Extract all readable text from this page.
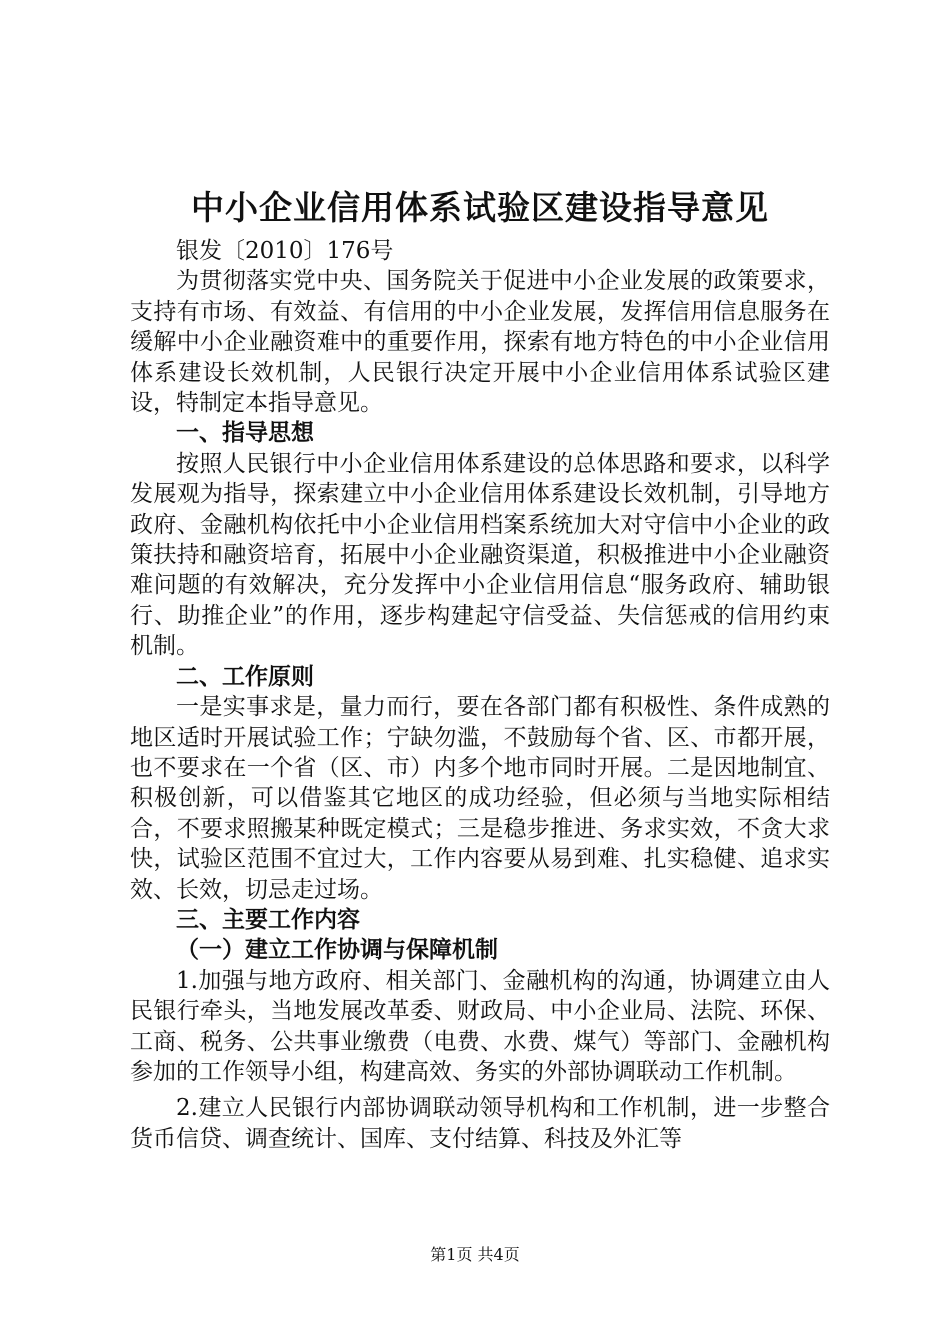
中小企业信用体系试验区建设指导意见

银发〔2010〕176号

为贯彻落实党中央、国务院关于促进中小企业发展的政策要求，支持有市场、有效益、有信用的中小企业发展，发挥信用信息服务在缓解中小企业融资难中的重要作用，探索有地方特色的中小企业信用体系建设长效机制，人民银行决定开展中小企业信用体系试验区建设，特制定本指导意见。

一、指导思想

按照人民银行中小企业信用体系建设的总体思路和要求，以科学发展观为指导，探索建立中小企业信用体系建设长效机制，引导地方政府、金融机构依托中小企业信用档案系统加大对守信中小企业的政策扶持和融资培育，拓展中小企业融资渠道，积极推进中小企业融资难问题的有效解决，充分发挥中小企业信用信息“服务政府、辅助银行、助推企业”的作用，逐步构建起守信受益、失信惩戒的信用约束机制。

二、工作原则

一是实事求是，量力而行，要在各部门都有积极性、条件成熟的地区适时开展试验工作；宁缺勿滥，不鼓励每个省、区、市都开展，也不要求在一个省（区、市）内多个地市同时开展。二是因地制宜、积极创新，可以借鉴其它地区的成功经验，但必须与当地实际相结合，不要求照搬某种既定模式；三是稳步推进、务求实效，不贪大求快，试验区范围不宜过大，工作内容要从易到难、扎实稳健、追求实效、长效，切忌走过场。

三、主要工作内容

（一）建立工作协调与保障机制

1.加强与地方政府、相关部门、金融机构的沟通，协调建立由人民银行牵头，当地发展改革委、财政局、中小企业局、法院、环保、工商、税务、公共事业缴费（电费、水费、煤气）等部门、金融机构参加的工作领导小组，构建高效、务实的外部协调联动工作机制。

2.建立人民银行内部协调联动领导机构和工作机制，进一步整合货币信贷、调查统计、国库、支付结算、科技及外汇等

第1页 共4页
